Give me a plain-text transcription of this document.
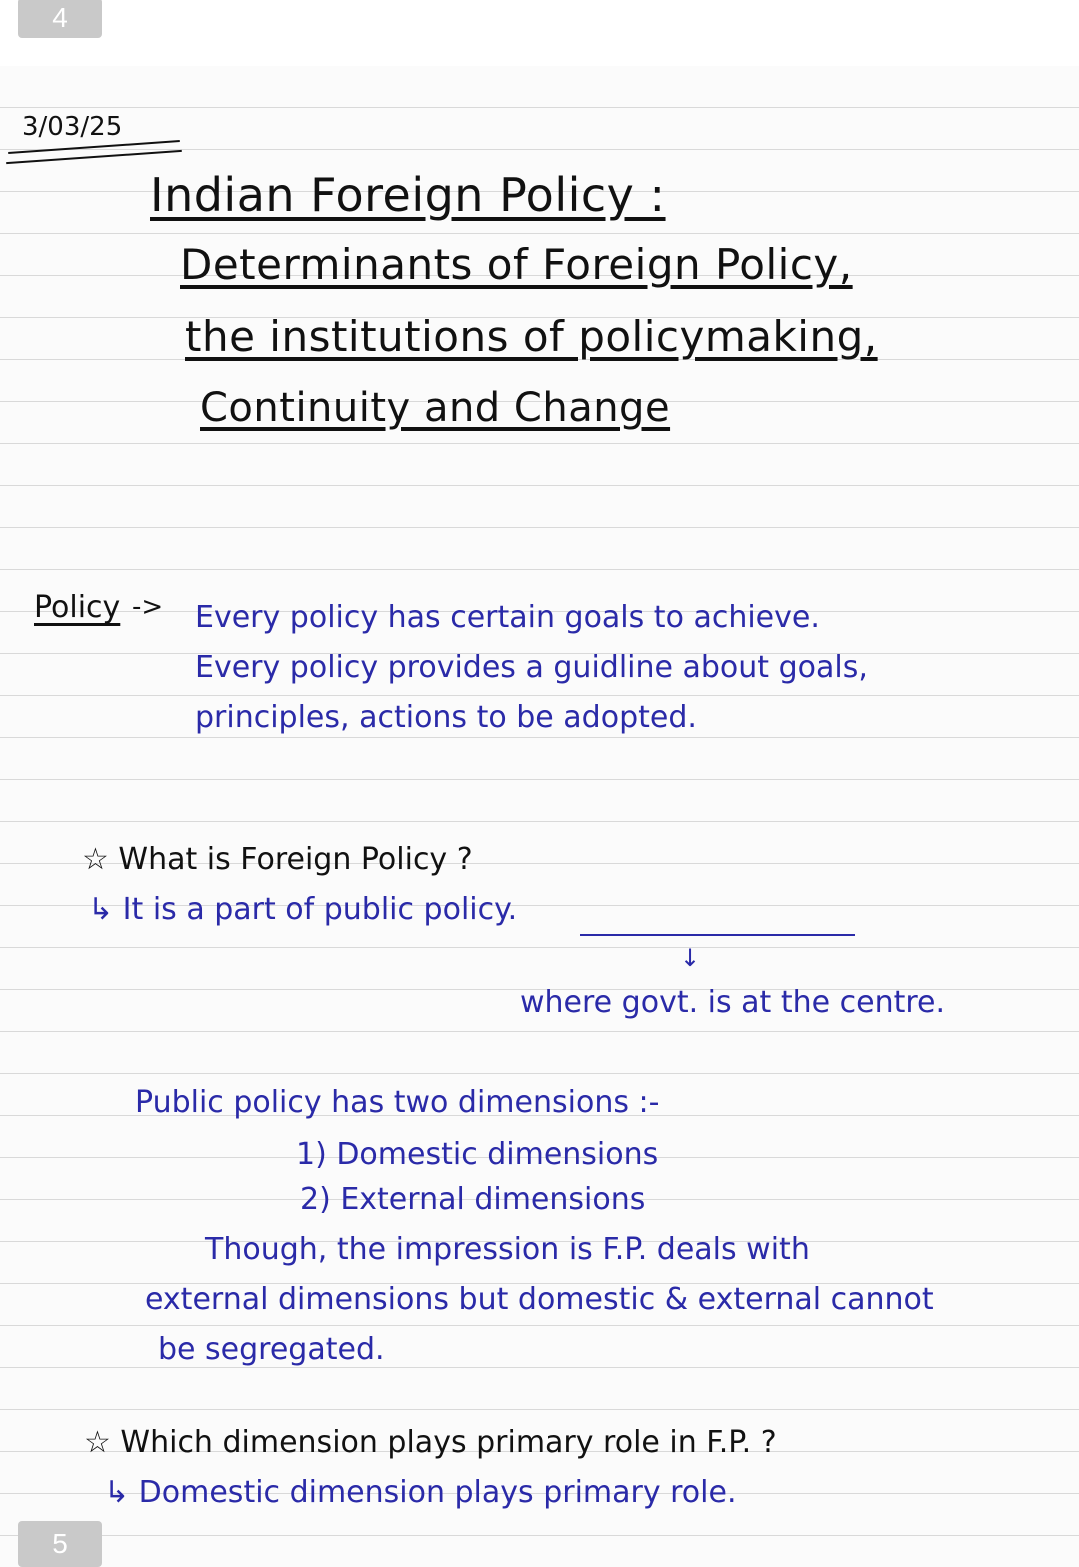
4
5
3/03/25
Indian Foreign Policy :
Determinants of Foreign Policy,
the institutions of policymaking,
Continuity and Change
Policy -> Every policy has certain goals to achieve.
Every policy provides a guidline about goals,
principles, actions to be adopted.
☆ What is Foreign Policy ?
↳ It is a part of public policy.
↓
where govt. is at the centre.
Public policy has two dimensions :-
1) Domestic dimensions
2) External dimensions
Though, the impression is F.P. deals with
external dimensions but domestic & external cannot
be segregated.
☆ Which dimension plays primary role in F.P. ?
↳ Domestic dimension plays primary role.
